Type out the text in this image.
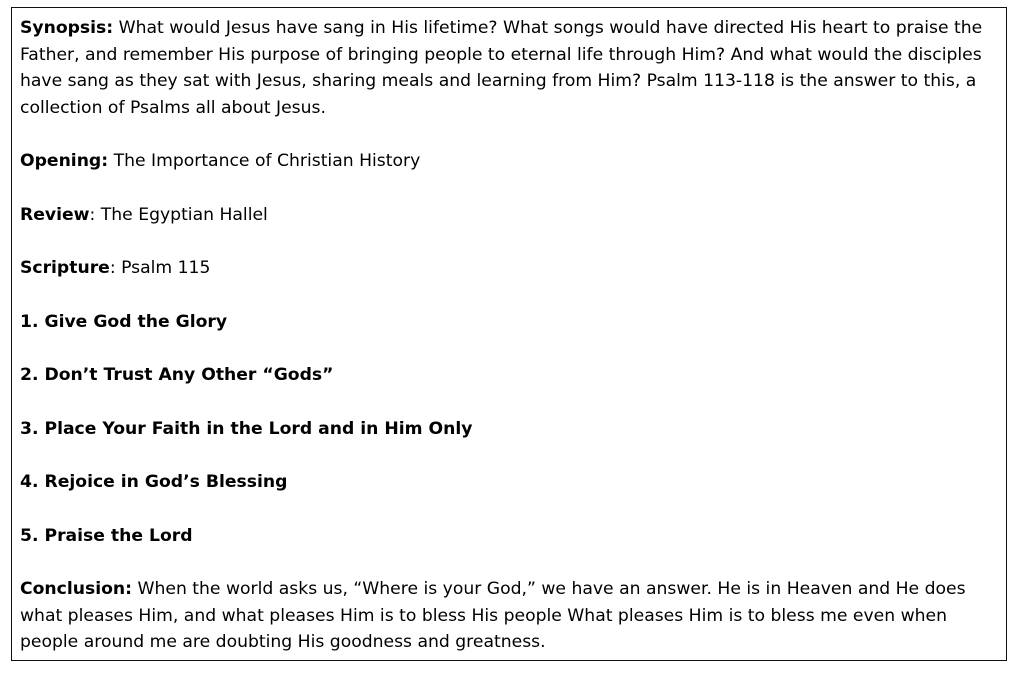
Synopsis: What would Jesus have sang in His lifetime? What songs would have directed His heart to praise the Father, and remember His purpose of bringing people to eternal life through Him? And what would the disciples have sang as they sat with Jesus, sharing meals and learning from Him? Psalm 113-118 is the answer to this, a collection of Psalms all about Jesus.

Opening: The Importance of Christian History

Review: The Egyptian Hallel

Scripture: Psalm 115

1. Give God the Glory

2. Don’t Trust Any Other “Gods”

3. Place Your Faith in the Lord and in Him Only

4. Rejoice in God’s Blessing

5. Praise the Lord

Conclusion: When the world asks us, “Where is your God,” we have an answer. He is in Heaven and He does what pleases Him, and what pleases Him is to bless His people What pleases Him is to bless me even when people around me are doubting His goodness and greatness.
